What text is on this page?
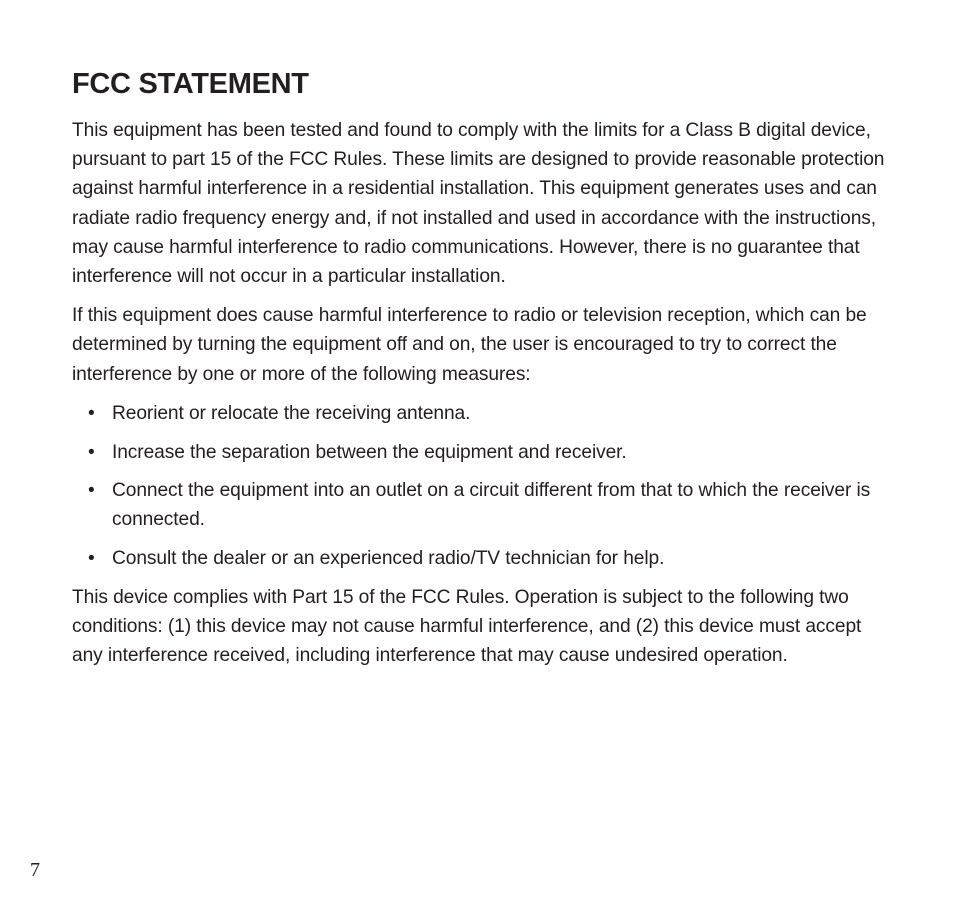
FCC STATEMENT

This equipment has been tested and found to comply with the limits for a Class B digital device, pursuant to part 15 of the FCC Rules. These limits are designed to provide reasonable protection against harmful interference in a residential installation. This equipment generates uses and can radiate radio frequency energy and, if not installed and used in accordance with the instructions, may cause harmful interference to radio communications. However, there is no guarantee that interference will not occur in a particular installation.

If this equipment does cause harmful interference to radio or television reception, which can be determined by turning the equipment off and on, the user is encouraged to try to correct the interference by one or more of the following measures:

• Reorient or relocate the receiving antenna.
• Increase the separation between the equipment and receiver.
• Connect the equipment into an outlet on a circuit different from that to which the receiver is connected.
• Consult the dealer or an experienced radio/TV technician for help.

This device complies with Part 15 of the FCC Rules. Operation is subject to the following two conditions: (1) this device may not cause harmful interference, and (2) this device must accept any interference received, including interference that may cause undesired operation.

7
